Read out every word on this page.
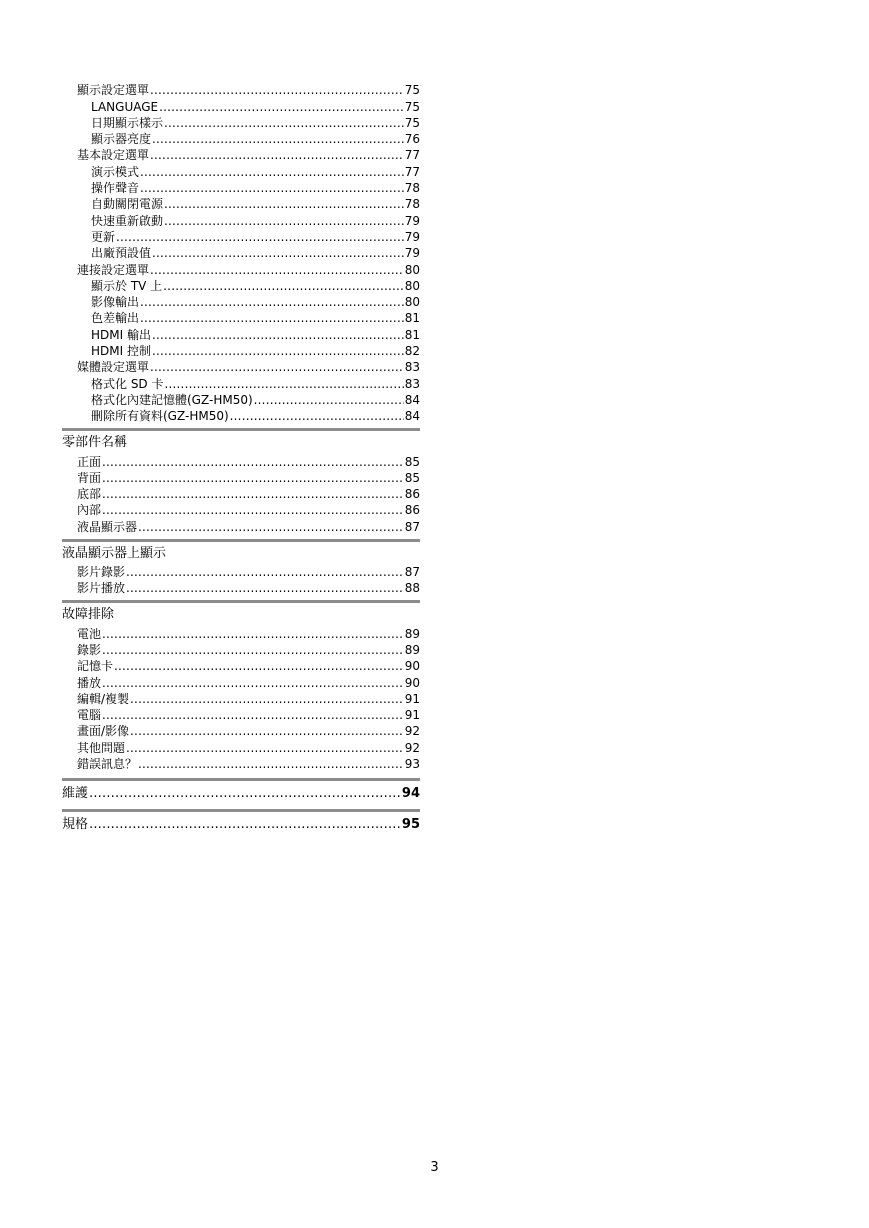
顯示設定選單 .....	75
LANGUAGE .....	75
日期顯示樣示 .....	75
顯示器亮度 .....	76
基本設定選單 .....	77
演示模式 .....	77
操作聲音 .....	78
自動關閉電源 .....	78
快速重新啟動 .....	79
更新 .....	79
出廠預設值 .....	79
連接設定選單 .....	80
顯示於 TV 上 .....	80
影像輸出 .....	80
色差輸出 .....	81
HDMI 輸出 .....	81
HDMI 控制 .....	82
媒體設定選單 .....	83
格式化 SD 卡 .....	83
格式化內建記憶體(GZ-HM50) .....	84
刪除所有資料(GZ-HM50) .....	84
零部件名稱
正面 .....	85
背面 .....	85
底部 .....	86
內部 .....	86
液晶顯示器 .....	87
液晶顯示器上顯示
影片錄影 .....	87
影片播放 .....	88
故障排除
電池 .....	89
錄影 .....	89
記憶卡 .....	90
播放 .....	90
編輯/複製 .....	91
電腦 .....	91
畫面/影像 .....	92
其他問題 .....	92
錯誤訊息？ .....	93
維護 .....	94
規格 .....	95
3
